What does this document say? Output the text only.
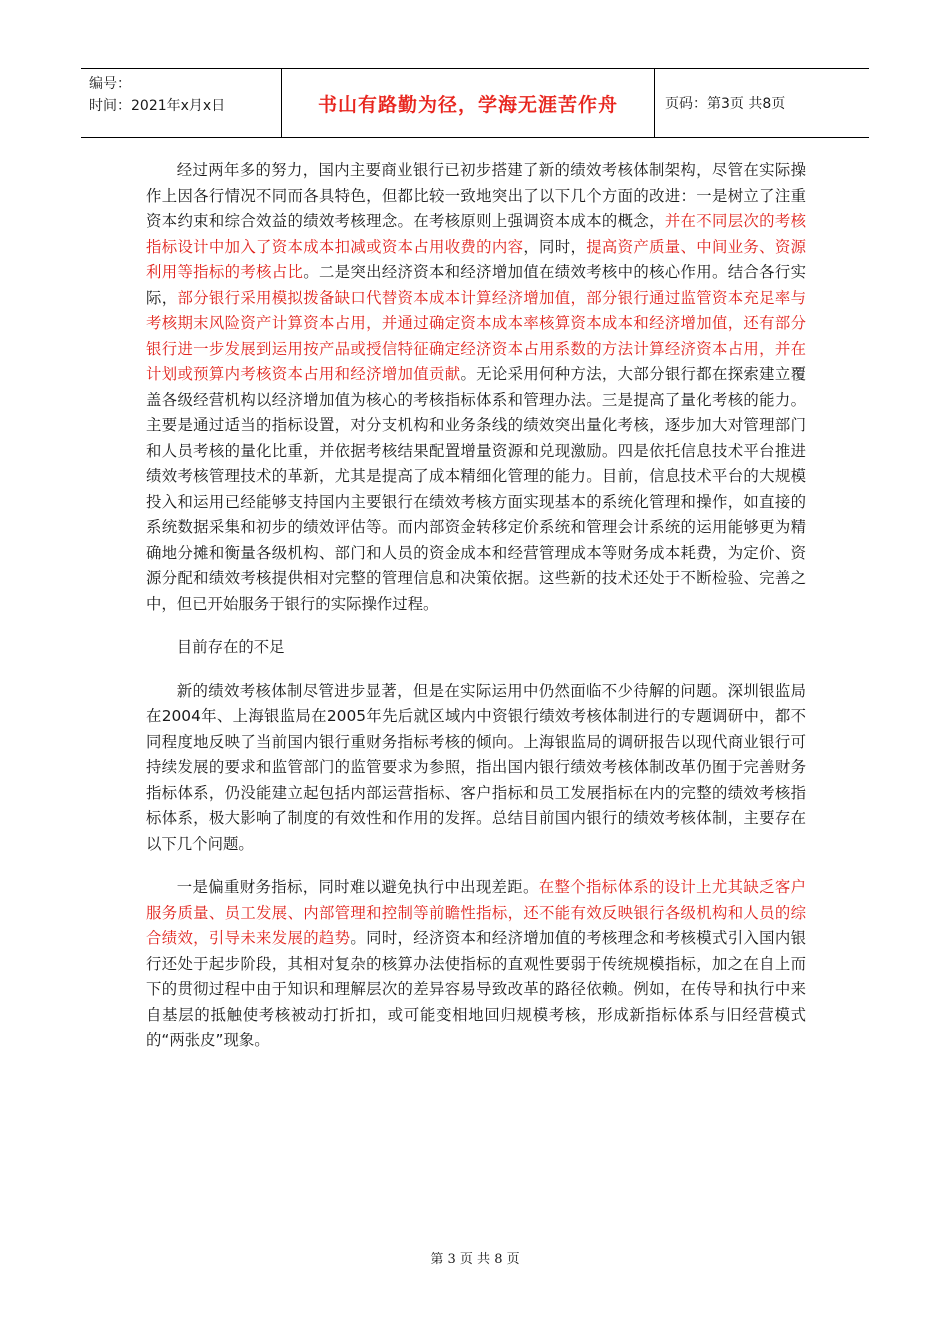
编号：
时间：2021年x月x日	书山有路勤为径，学海无涯苦作舟	页码：第3页 共8页

经过两年多的努力，国内主要商业银行已初步搭建了新的绩效考核体制架构，尽管在实际操作上因各行情况不同而各具特色，但都比较一致地突出了以下几个方面的改进：一是树立了注重资本约束和综合效益的绩效考核理念。在考核原则上强调资本成本的概念，并在不同层次的考核指标设计中加入了资本成本扣减或资本占用收费的内容，同时，提高资产质量、中间业务、资源利用等指标的考核占比。二是突出经济资本和经济增加值在绩效考核中的核心作用。结合各行实际，部分银行采用模拟拨备缺口代替资本成本计算经济增加值，部分银行通过监管资本充足率与考核期末风险资产计算资本占用，并通过确定资本成本率核算资本成本和经济增加值，还有部分银行进一步发展到运用按产品或授信特征确定经济资本占用系数的方法计算经济资本占用，并在计划或预算内考核资本占用和经济增加值贡献。无论采用何种方法，大部分银行都在探索建立覆盖各级经营机构以经济增加值为核心的考核指标体系和管理办法。三是提高了量化考核的能力。主要是通过适当的指标设置，对分支机构和业务条线的绩效突出量化考核，逐步加大对管理部门和人员考核的量化比重，并依据考核结果配置增量资源和兑现激励。四是依托信息技术平台推进绩效考核管理技术的革新，尤其是提高了成本精细化管理的能力。目前，信息技术平台的大规模投入和运用已经能够支持国内主要银行在绩效考核方面实现基本的系统化管理和操作，如直接的系统数据采集和初步的绩效评估等。而内部资金转移定价系统和管理会计系统的运用能够更为精确地分摊和衡量各级机构、部门和人员的资金成本和经营管理成本等财务成本耗费，为定价、资源分配和绩效考核提供相对完整的管理信息和决策依据。这些新的技术还处于不断检验、完善之中，但已开始服务于银行的实际操作过程。

目前存在的不足

新的绩效考核体制尽管进步显著，但是在实际运用中仍然面临不少待解的问题。深圳银监局在2004年、上海银监局在2005年先后就区域内中资银行绩效考核体制进行的专题调研中，都不同程度地反映了当前国内银行重财务指标考核的倾向。上海银监局的调研报告以现代商业银行可持续发展的要求和监管部门的监管要求为参照，指出国内银行绩效考核体制改革仍囿于完善财务指标体系，仍没能建立起包括内部运营指标、客户指标和员工发展指标在内的完整的绩效考核指标体系，极大影响了制度的有效性和作用的发挥。总结目前国内银行的绩效考核体制，主要存在以下几个问题。

一是偏重财务指标，同时难以避免执行中出现差距。在整个指标体系的设计上尤其缺乏客户服务质量、员工发展、内部管理和控制等前瞻性指标，还不能有效反映银行各级机构和人员的综合绩效，引导未来发展的趋势。同时，经济资本和经济增加值的考核理念和考核模式引入国内银行还处于起步阶段，其相对复杂的核算办法使指标的直观性要弱于传统规模指标，加之在自上而下的贯彻过程中由于知识和理解层次的差异容易导致改革的路径依赖。例如，在传导和执行中来自基层的抵触使考核被动打折扣，或可能变相地回归规模考核，形成新指标体系与旧经营模式的“两张皮”现象。

第 3 页 共 8 页
